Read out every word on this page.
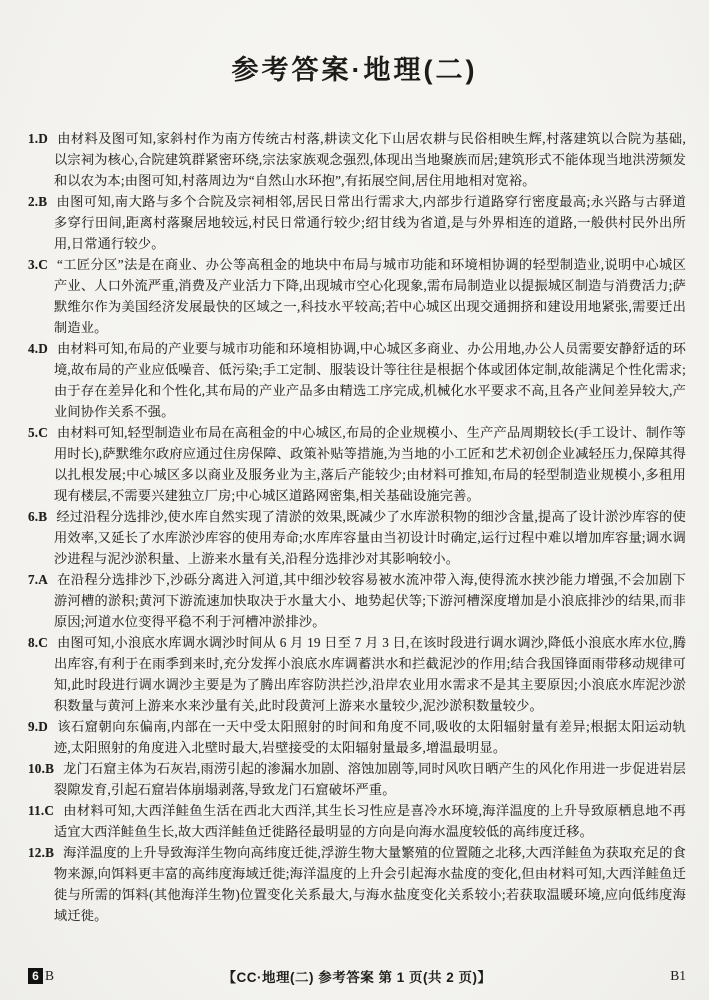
参考答案·地理(二)

1.D 由材料及图可知,家斜村作为南方传统古村落,耕读文化下山居农耕与民俗相映生辉,村落建筑以合院为基础,以宗祠为核心,合院建筑群紧密环绕,宗法家族观念强烈,体现出当地聚族而居;建筑形式不能体现当地洪涝频发和以农为本;由图可知,村落周边为“自然山水环抱”,有拓展空间,居住用地相对宽裕。

2.B 由图可知,南大路与多个合院及宗祠相邻,居民日常出行需求大,内部步行道路穿行密度最高;永兴路与古驿道多穿行田间,距离村落聚居地较远,村民日常通行较少;绍甘线为省道,是与外界相连的道路,一般供村民外出所用,日常通行较少。

3.C “工匠分区”法是在商业、办公等高租金的地块中布局与城市功能和环境相协调的轻型制造业,说明中心城区产业、人口外流严重,消费及产业活力下降,出现城市空心化现象,需布局制造业以提振城区制造与消费活力;萨默维尔作为美国经济发展最快的区域之一,科技水平较高;若中心城区出现交通拥挤和建设用地紧张,需要迁出制造业。

4.D 由材料可知,布局的产业要与城市功能和环境相协调,中心城区多商业、办公用地,办公人员需要安静舒适的环境,故布局的产业应低噪音、低污染;手工定制、服装设计等往往是根据个体或团体定制,故能满足个性化需求;由于存在差异化和个性化,其布局的产业产品多由精选工序完成,机械化水平要求不高,且各产业间差异较大,产业间协作关系不强。

5.C 由材料可知,轻型制造业布局在高租金的中心城区,布局的企业规模小、生产产品周期较长(手工设计、制作等用时长),萨默维尔政府应通过住房保障、政策补贴等措施,为当地的小工匠和艺术初创企业减轻压力,保障其得以扎根发展;中心城区多以商业及服务业为主,落后产能较少;由材料可推知,布局的轻型制造业规模小,多租用现有楼层,不需要兴建独立厂房;中心城区道路网密集,相关基础设施完善。

6.B 经过沿程分选排沙,使水库自然实现了清淤的效果,既减少了水库淤积物的细沙含量,提高了设计淤沙库容的使用效率,又延长了水库淤沙库容的使用寿命;水库库容量由当初设计时确定,运行过程中难以增加库容量;调水调沙进程与泥沙淤积量、上游来水量有关,沿程分选排沙对其影响较小。

7.A 在沿程分选排沙下,沙砾分离进入河道,其中细沙较容易被水流冲带入海,使得流水挟沙能力增强,不会加剧下游河槽的淤积;黄河下游流速加快取决于水量大小、地势起伏等;下游河槽深度增加是小浪底排沙的结果,而非原因;河道水位变得平稳不利于河槽冲淤排沙。

8.C 由图可知,小浪底水库调水调沙时间从 6 月 19 日至 7 月 3 日,在该时段进行调水调沙,降低小浪底水库水位,腾出库容,有利于在雨季到来时,充分发挥小浪底水库调蓄洪水和拦截泥沙的作用;结合我国锋面雨带移动规律可知,此时段进行调水调沙主要是为了腾出库容防洪拦沙,沿岸农业用水需求不是其主要原因;小浪底水库泥沙淤积数量与黄河上游来水来沙量有关,此时段黄河上游来水量较少,泥沙淤积数量较少。

9.D 该石窟朝向东偏南,内部在一天中受太阳照射的时间和角度不同,吸收的太阳辐射量有差异;根据太阳运动轨迹,太阳照射的角度进入北壁时最大,岩壁接受的太阳辐射量最多,增温最明显。

10.B 龙门石窟主体为石灰岩,雨涝引起的渗漏水加剧、溶蚀加剧等,同时风吹日晒产生的风化作用进一步促进岩层裂隙发育,引起石窟岩体崩塌剥落,导致龙门石窟破坏严重。

11.C 由材料可知,大西洋鲑鱼生活在西北大西洋,其生长习性应是喜冷水环境,海洋温度的上升导致原栖息地不再适宜大西洋鲑鱼生长,故大西洋鲑鱼迁徙路径最明显的方向是向海水温度较低的高纬度迁移。

12.B 海洋温度的上升导致海洋生物向高纬度迁徙,浮游生物大量繁殖的位置随之北移,大西洋鲑鱼为获取充足的食物来源,向饵料更丰富的高纬度海域迁徙;海洋温度的上升会引起海水盐度的变化,但由材料可知,大西洋鲑鱼迁徙与所需的饵料(其他海洋生物)位置变化关系最大,与海水盐度变化关系较小;若获取温暖环境,应向低纬度海域迁徙。

6 B	【CC·地理(二) 参考答案 第 1 页(共 2 页)】	B1
